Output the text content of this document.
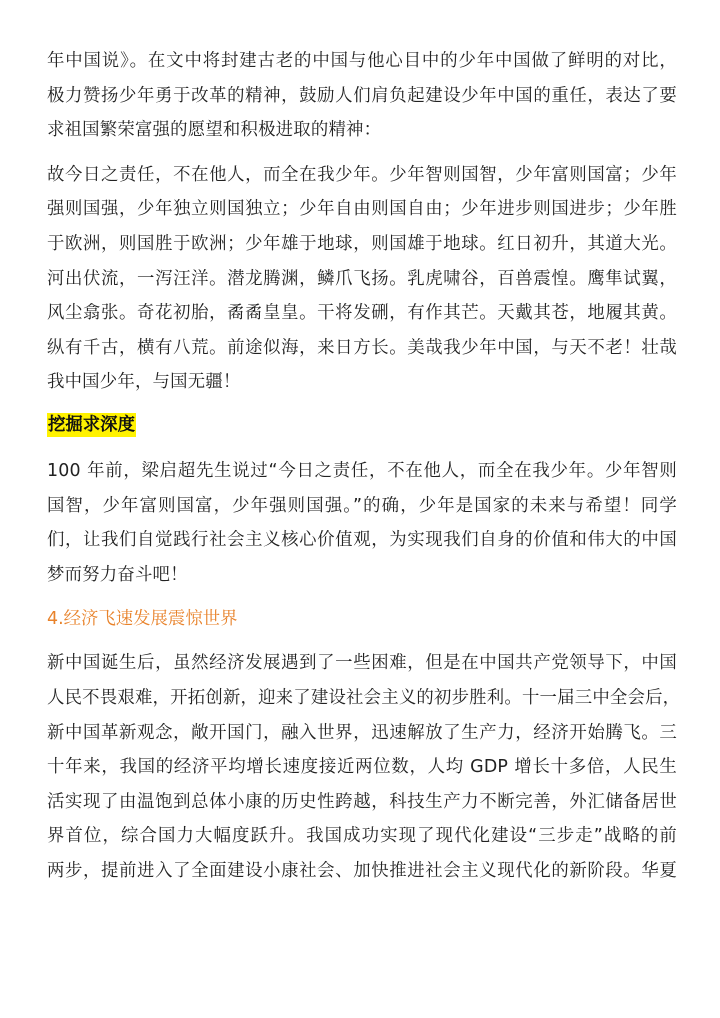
年中国说》。在文中将封建古老的中国与他心目中的少年中国做了鲜明的对比，
极力赞扬少年勇于改革的精神，鼓励人们肩负起建设少年中国的重任，表达了要
求祖国繁荣富强的愿望和积极进取的精神：
故今日之责任，不在他人，而全在我少年。少年智则国智，少年富则国富；少年
强则国强，少年独立则国独立；少年自由则国自由；少年进步则国进步；少年胜
于欧洲，则国胜于欧洲；少年雄于地球，则国雄于地球。红日初升，其道大光。
河出伏流，一泻汪洋。潜龙腾渊，鳞爪飞扬。乳虎啸谷，百兽震惶。鹰隼试翼，
风尘翕张。奇花初胎，矞矞皇皇。干将发硎，有作其芒。天戴其苍，地履其黄。
纵有千古，横有八荒。前途似海，来日方长。美哉我少年中国，与天不老！壮哉
我中国少年，与国无疆！
挖掘求深度
100 年前，梁启超先生说过“今日之责任，不在他人，而全在我少年。少年智则
国智，少年富则国富，少年强则国强。”的确，少年是国家的未来与希望！同学
们，让我们自觉践行社会主义核心价值观，为实现我们自身的价值和伟大的中国
梦而努力奋斗吧！
4.经济飞速发展震惊世界
新中国诞生后，虽然经济发展遇到了一些困难，但是在中国共产党领导下，中国
人民不畏艰难，开拓创新，迎来了建设社会主义的初步胜利。十一届三中全会后，
新中国革新观念，敞开国门，融入世界，迅速解放了生产力，经济开始腾飞。三
十年来，我国的经济平均增长速度接近两位数，人均 GDP 增长十多倍，人民生
活实现了由温饱到总体小康的历史性跨越，科技生产力不断完善，外汇储备居世
界首位，综合国力大幅度跃升。我国成功实现了现代化建设“三步走”战略的前
两步，提前进入了全面建设小康社会、加快推进社会主义现代化的新阶段。华夏
